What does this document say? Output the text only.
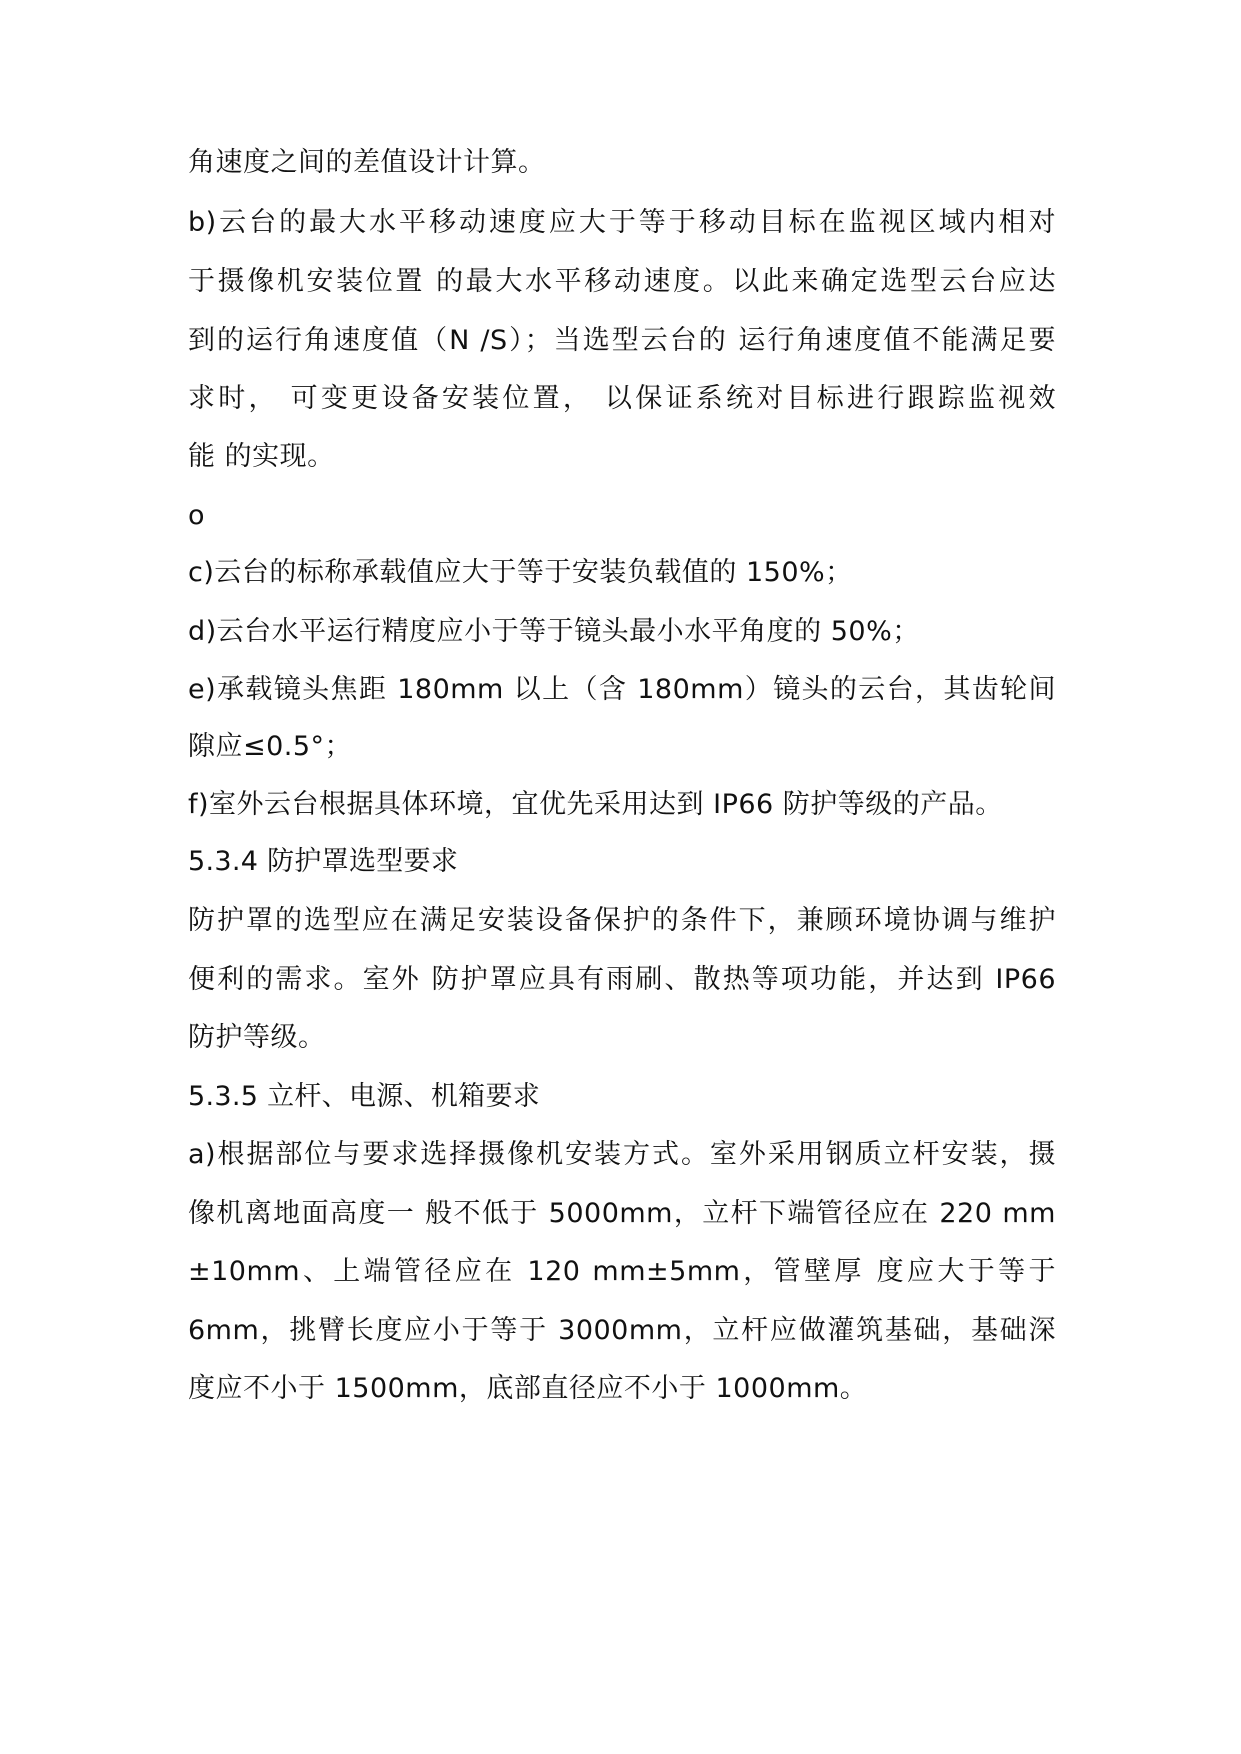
角速度之间的差值设计计算。
b)云台的最大水平移动速度应大于等于移动目标在监视区域内相对
于摄像机安装位置 的最大水平移动速度。以此来确定选型云台应达
到的运行角速度值（N /S）；当选型云台的 运行角速度值不能满足要
求时， 可变更设备安装位置， 以保证系统对目标进行跟踪监视效
能 的实现。
o
c)云台的标称承载值应大于等于安装负载值的 150%；
d)云台水平运行精度应小于等于镜头最小水平角度的 50%；
e)承载镜头焦距 180mm 以上（含 180mm）镜头的云台，其齿轮间
隙应≤0.5°；
f)室外云台根据具体环境，宜优先采用达到 IP66 防护等级的产品。
5.3.4 防护罩选型要求
防护罩的选型应在满足安装设备保护的条件下，兼顾环境协调与维护
便利的需求。室外 防护罩应具有雨刷、散热等项功能，并达到 IP66
防护等级。
5.3.5 立杆、电源、机箱要求
a)根据部位与要求选择摄像机安装方式。室外采用钢质立杆安装，摄
像机离地面高度一 般不低于 5000mm，立杆下端管径应在 220 mm
±10mm、上端管径应在 120 mm±5mm，管壁厚 度应大于等于
6mm，挑臂长度应小于等于 3000mm，立杆应做灌筑基础，基础深
度应不小于 1500mm，底部直径应不小于 1000mm。
